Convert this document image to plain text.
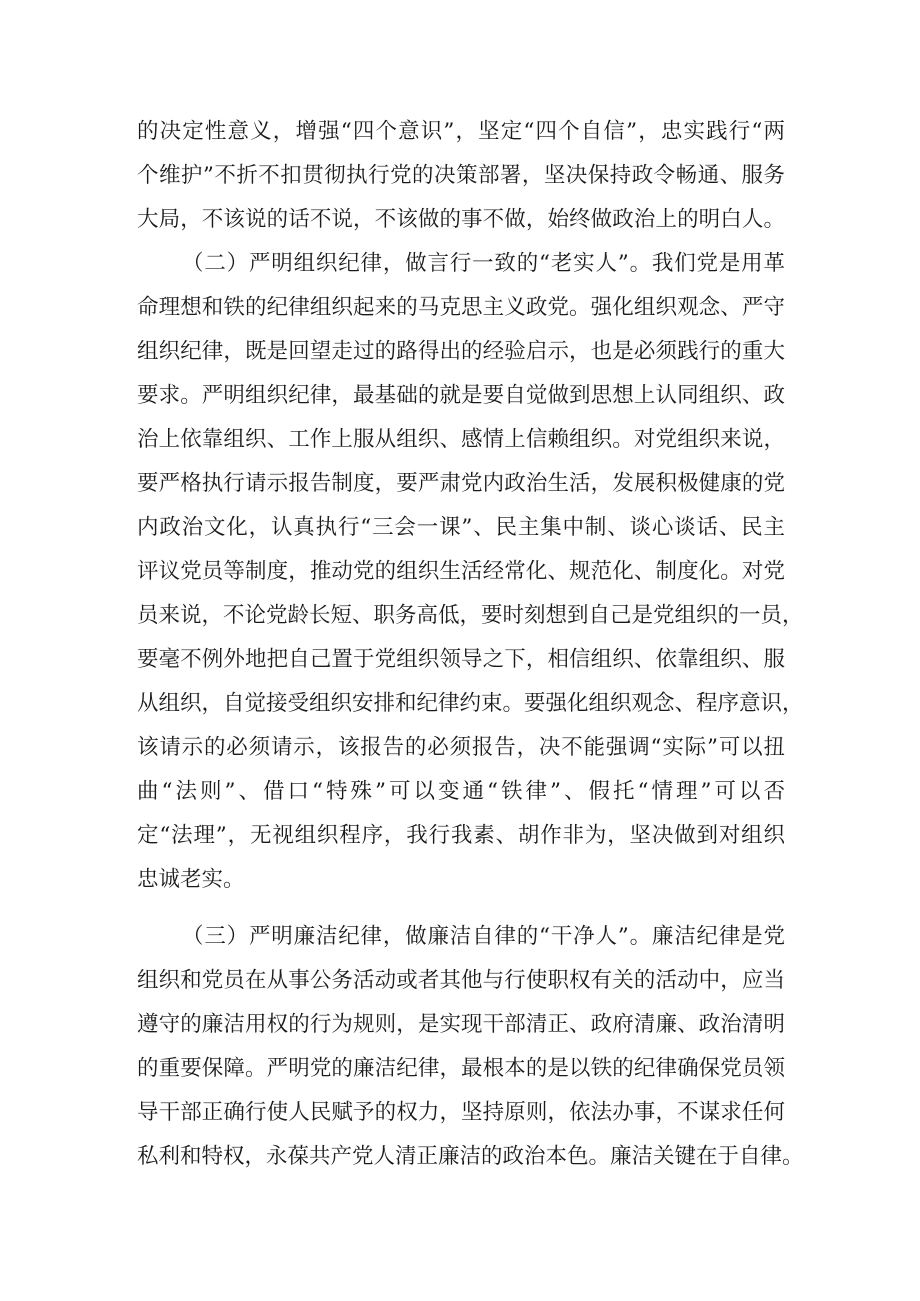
的决定性意义，增强“四个意识”，坚定“四个自信”，忠实践行“两
个维护”不折不扣贯彻执行党的决策部署，坚决保持政令畅通、服务
大局，不该说的话不说，不该做的事不做，始终做政治上的明白人。
（二）严明组织纪律，做言行一致的“老实人”。我们党是用革
命理想和铁的纪律组织起来的马克思主义政党。强化组织观念、严守
组织纪律，既是回望走过的路得出的经验启示，也是必须践行的重大
要求。严明组织纪律，最基础的就是要自觉做到思想上认同组织、政
治上依靠组织、工作上服从组织、感情上信赖组织。对党组织来说，
要严格执行请示报告制度，要严肃党内政治生活，发展积极健康的党
内政治文化，认真执行“三会一课”、民主集中制、谈心谈话、民主
评议党员等制度，推动党的组织生活经常化、规范化、制度化。对党
员来说，不论党龄长短、职务高低，要时刻想到自己是党组织的一员，
要毫不例外地把自己置于党组织领导之下，相信组织、依靠组织、服
从组织，自觉接受组织安排和纪律约束。要强化组织观念、程序意识，
该请示的必须请示，该报告的必须报告，决不能强调“实际”可以扭
曲“法则”、借口“特殊”可以变通“铁律”、假托“情理”可以否
定“法理”，无视组织程序，我行我素、胡作非为，坚决做到对组织
忠诚老实。
（三）严明廉洁纪律，做廉洁自律的“干净人”。廉洁纪律是党
组织和党员在从事公务活动或者其他与行使职权有关的活动中，应当
遵守的廉洁用权的行为规则，是实现干部清正、政府清廉、政治清明
的重要保障。严明党的廉洁纪律，最根本的是以铁的纪律确保党员领
导干部正确行使人民赋予的权力，坚持原则，依法办事，不谋求任何
私利和特权，永葆共产党人清正廉洁的政治本色。廉洁关键在于自律。
